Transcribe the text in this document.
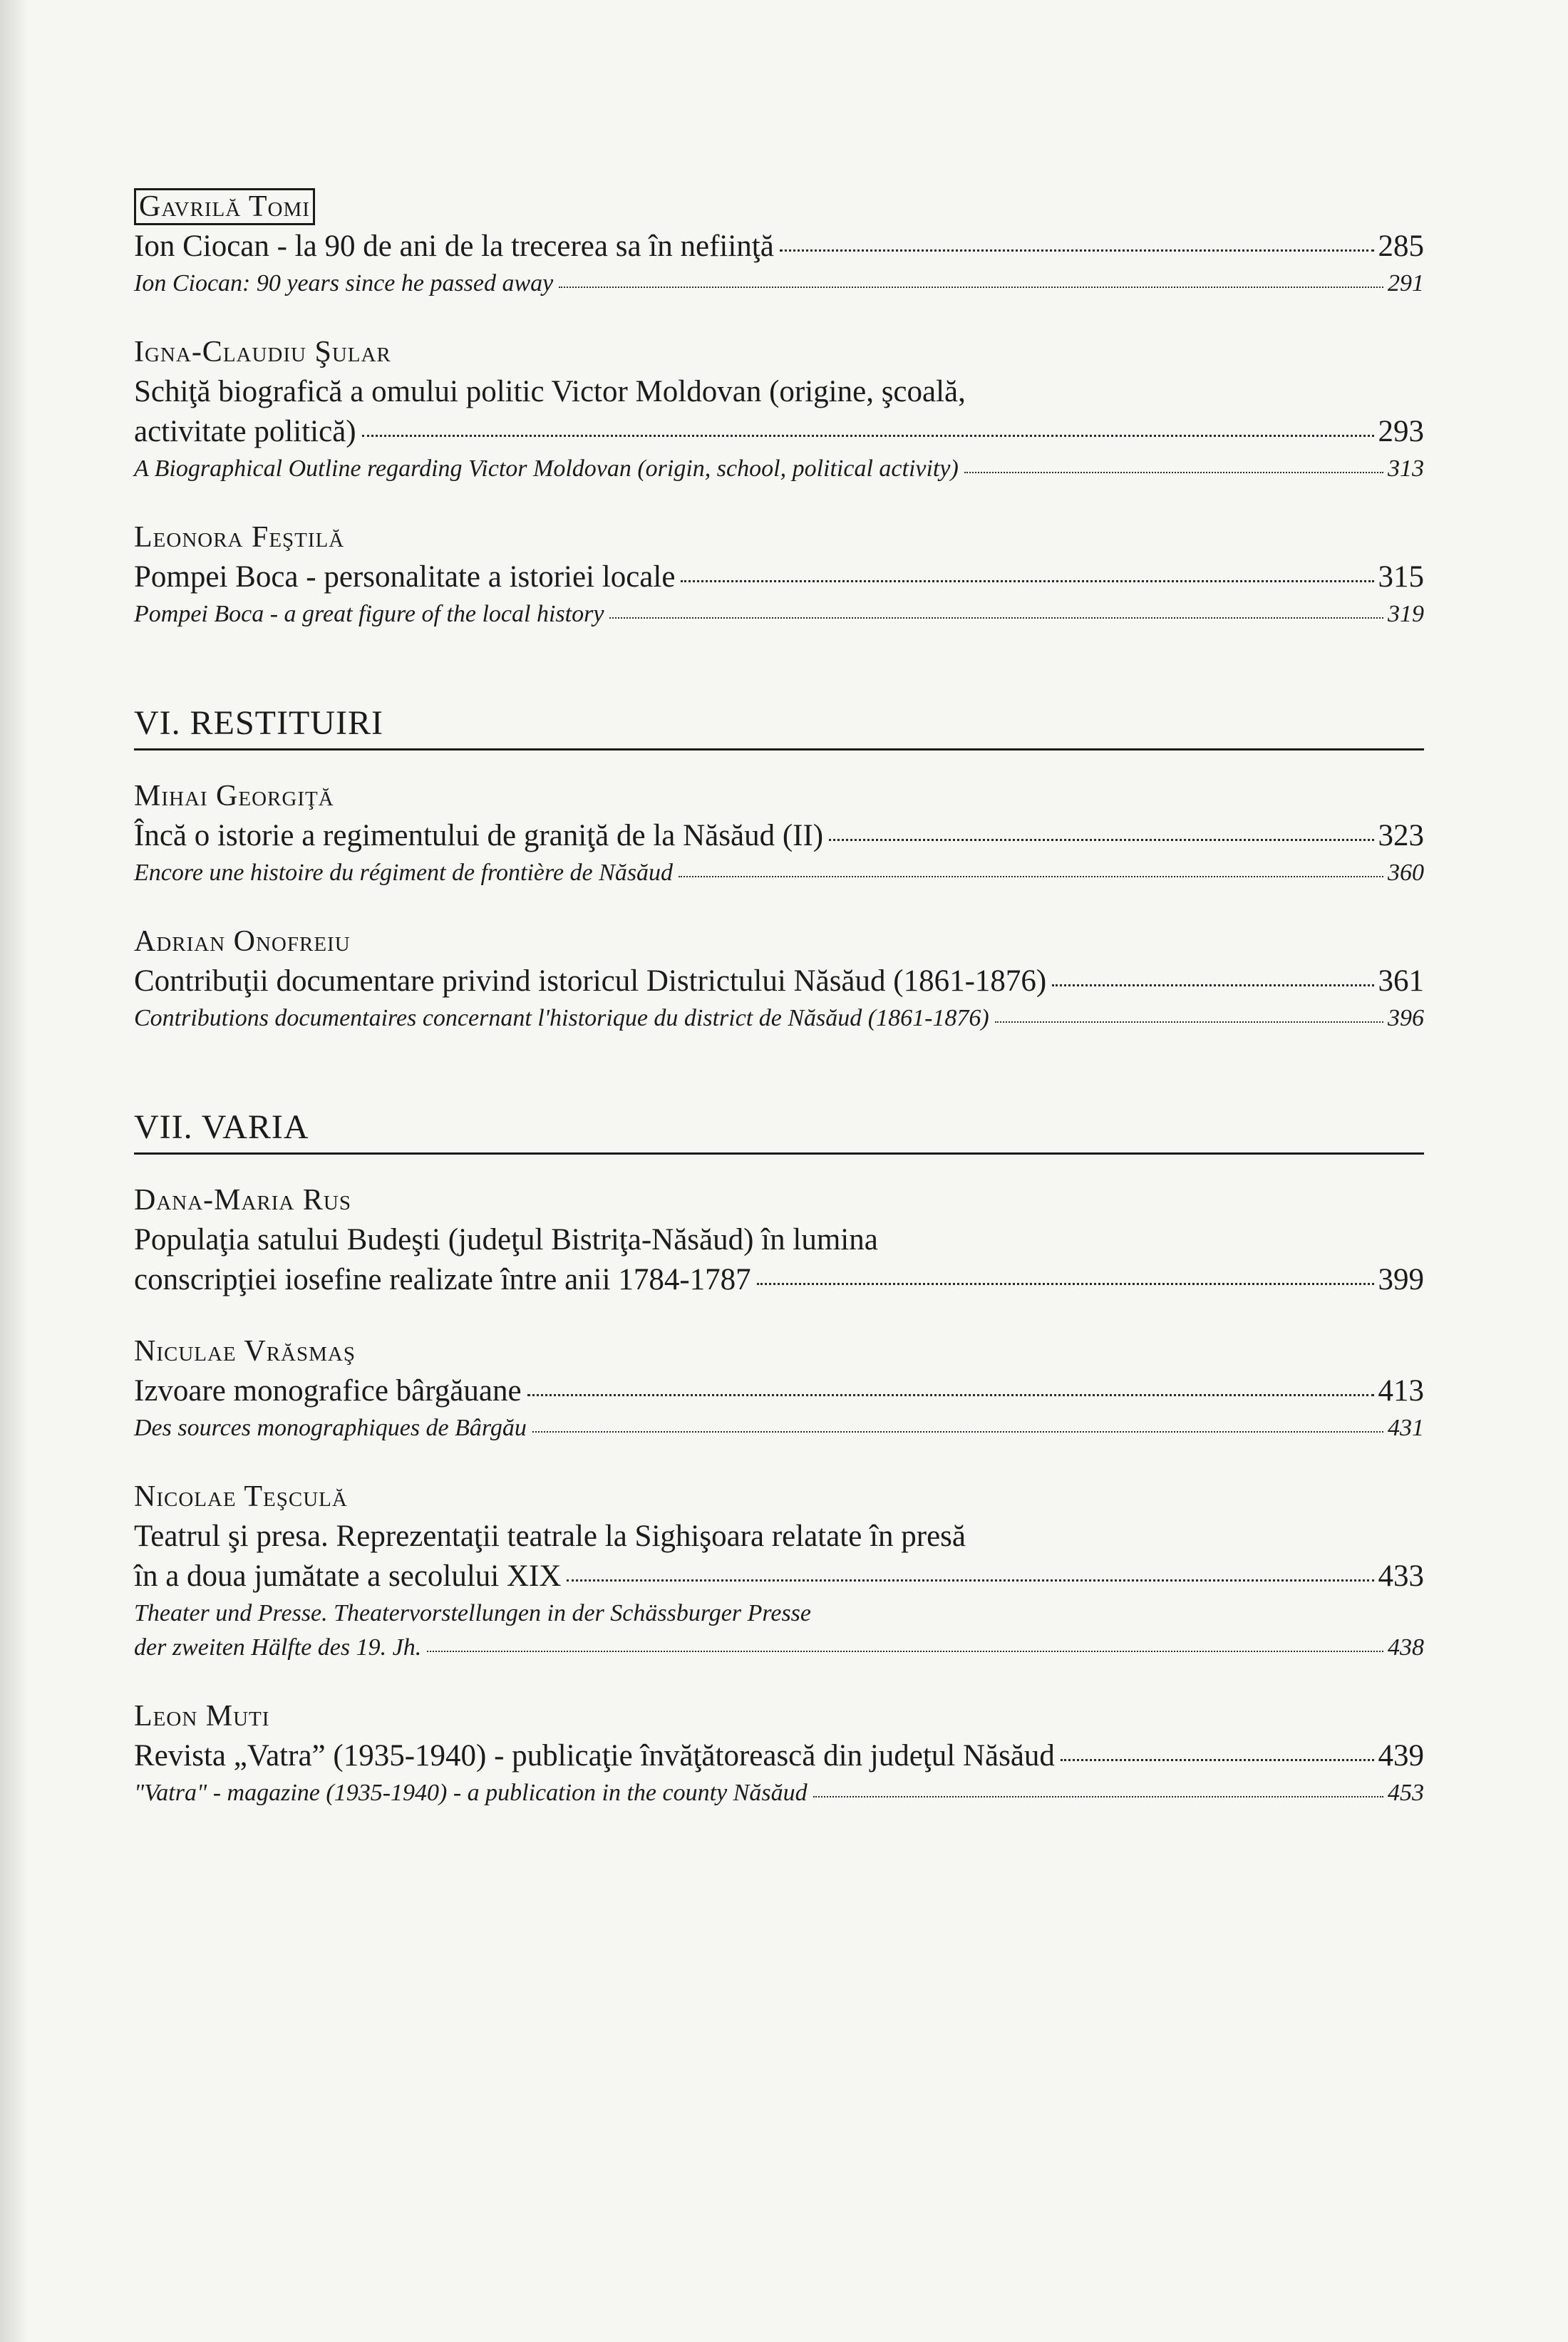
Gavrilă Tomi

Ion Ciocan - la 90 de ani de la trecerea sa în nefiinţă	285
Ion Ciocan: 90 years since he passed away	291

Igna-Claudiu Şular

Schiţă biografică a omului politic Victor Moldovan (origine, şcoală,
activitate politică)	293
A Biographical Outline regarding Victor Moldovan (origin, school, political activity)	313

Leonora Feştilă

Pompei Boca - personalitate a istoriei locale	315
Pompei Boca - a great figure of the local history	319
VI. RESTITUIRI

Mihai Georgiţă

Încă o istorie a regimentului de graniţă de la Năsăud (II)	323
Encore une histoire du régiment de frontière de Năsăud	360

Adrian Onofreiu

Contribuţii documentare privind istoricul Districtului Năsăud (1861-1876)	361
Contributions documentaires concernant l'historique du district de Năsăud (1861-1876)	396
VII. VARIA

Dana-Maria Rus

Populaţia satului Budeşti (judeţul Bistriţa-Năsăud) în lumina
conscripţiei iosefine realizate între anii 1784-1787	399

Niculae Vrăsmaş

Izvoare monografice bârgăuane	413
Des sources monographiques de Bârgău	431

Nicolae Teşculă

Teatrul şi presa. Reprezentaţii teatrale la Sighişoara relatate în presă
în a doua jumătate a secolului XIX	433
Theater und Presse. Theatervorstellungen in der Schässburger Presse
der zweiten Hälfte des 19. Jh.	438

Leon Muti

Revista „Vatra” (1935-1940) - publicaţie învăţătorească din judeţul Năsăud	439
"Vatra" - magazine (1935-1940) - a publication in the county Năsăud	453
